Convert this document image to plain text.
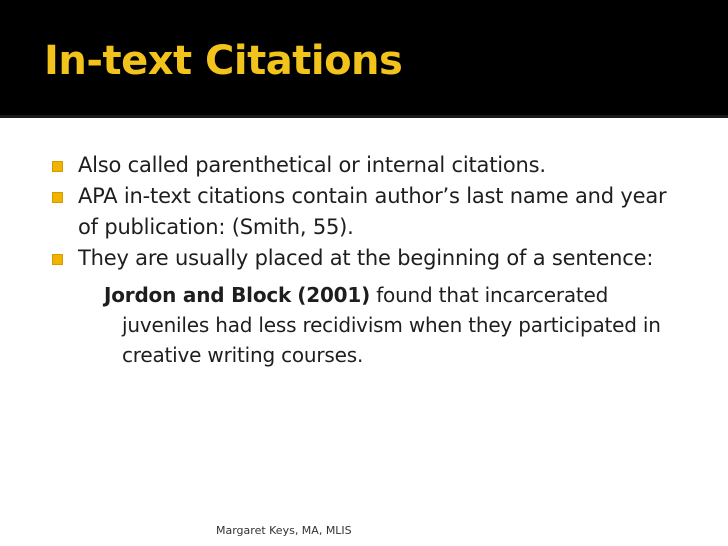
In-text Citations
Also called parenthetical or internal citations.
APA in-text citations contain author’s last name and year of publication: (Smith, 55).
They are usually placed at the beginning of a sentence:
Jordon and Block (2001) found that incarcerated juveniles had less recidivism when they participated in creative writing courses.
Margaret Keys, MA, MLIS
